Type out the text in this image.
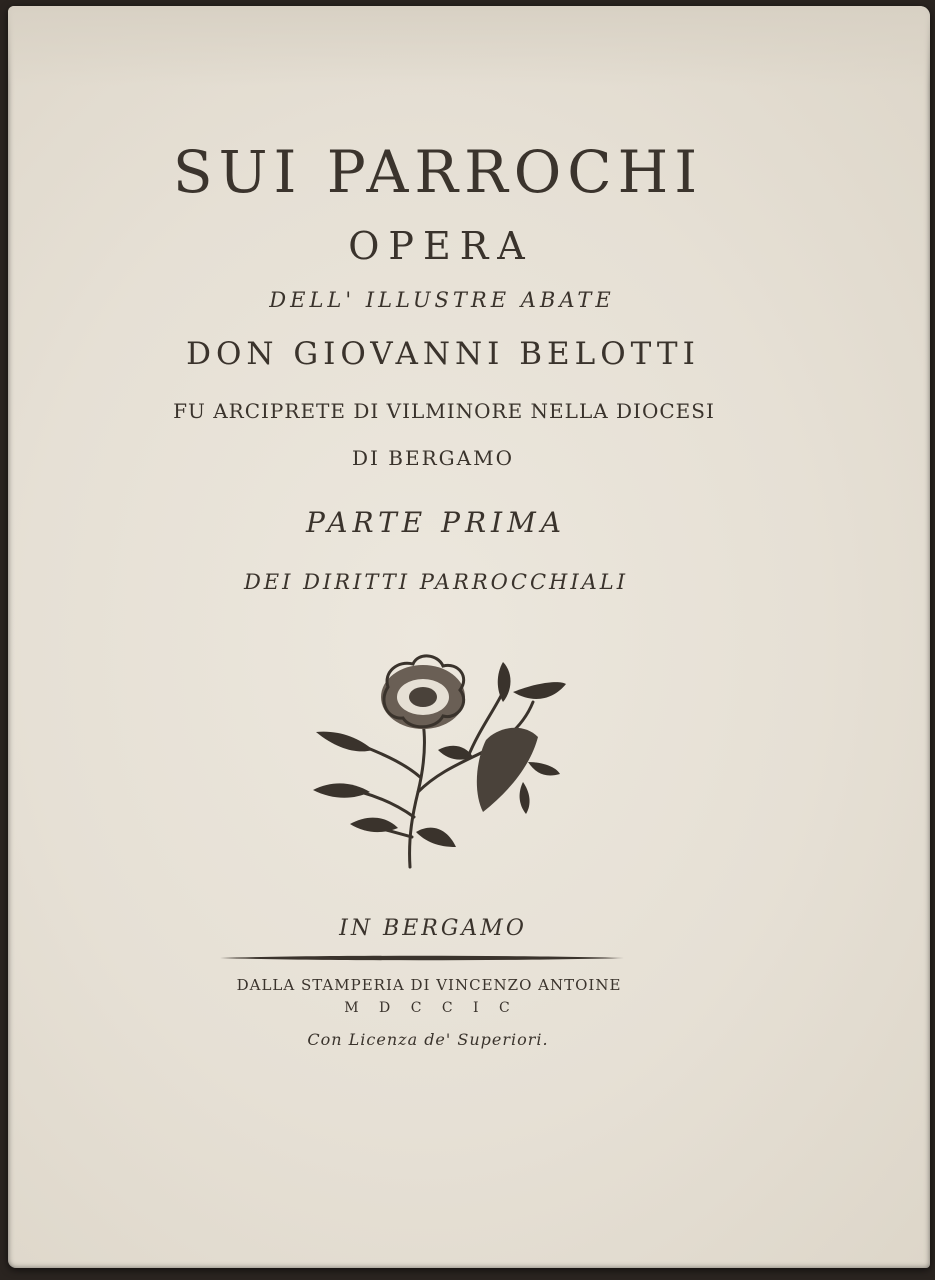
SUI PARROCHI
OPERA
DELL' ILLUSTRE ABATE
DON GIOVANNI BELOTTI
FU ARCIPRETE DI VILMINORE NELLA DIOCESI
DI BERGAMO
PARTE PRIMA
DEI DIRITTI PARROCCHIALI
IN BERGAMO
DALLA STAMPERIA DI VINCENZO ANTOINE
M D C C I C
Con Licenza de' Superiori.
